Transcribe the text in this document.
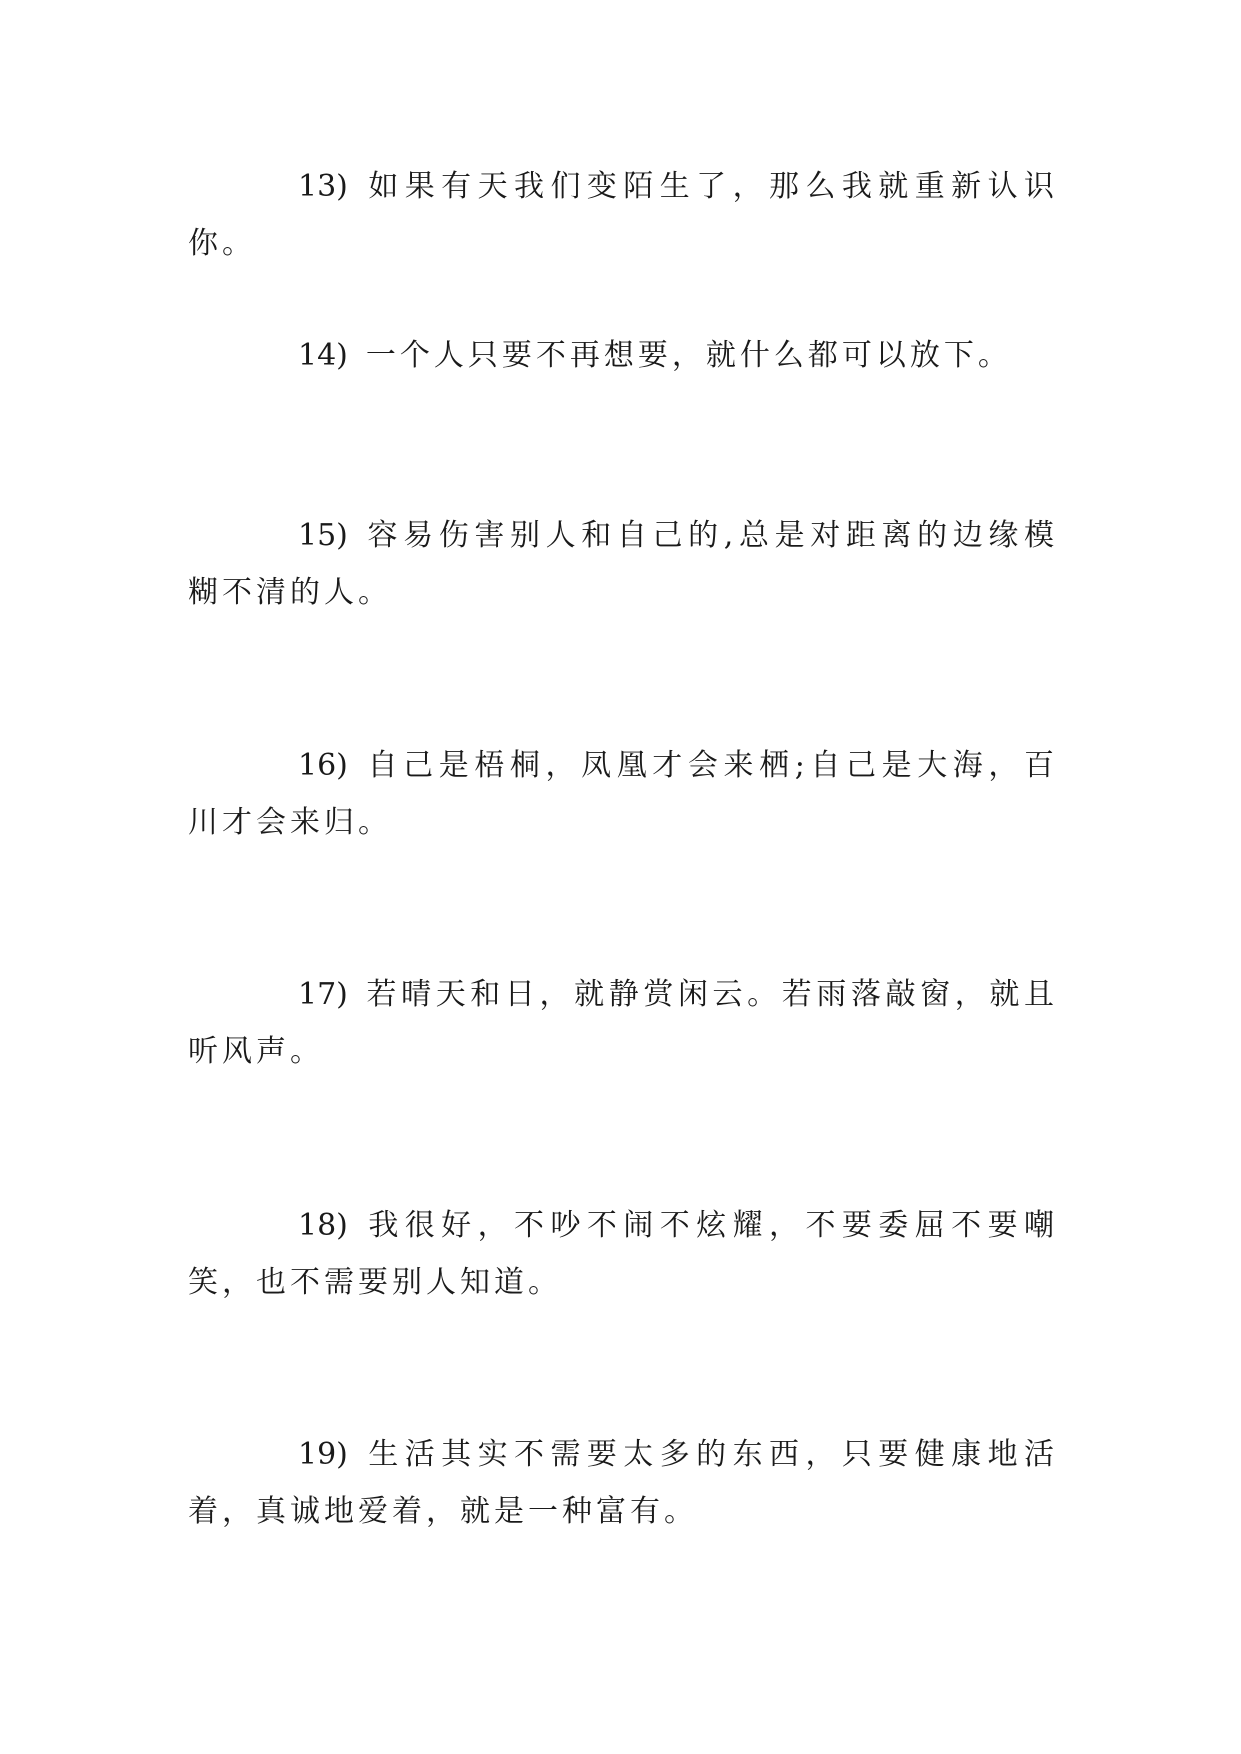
13) 如果有天我们变陌生了，那么我就重新认识你。

14) 一个人只要不再想要，就什么都可以放下。

15) 容易伤害别人和自己的,总是对距离的边缘模糊不清的人。

16) 自己是梧桐，凤凰才会来栖;自己是大海，百川才会来归。

17) 若晴天和日，就静赏闲云。若雨落敲窗，就且听风声。

18) 我很好，不吵不闹不炫耀，不要委屈不要嘲笑，也不需要别人知道。

19) 生活其实不需要太多的东西，只要健康地活着，真诚地爱着，就是一种富有。
